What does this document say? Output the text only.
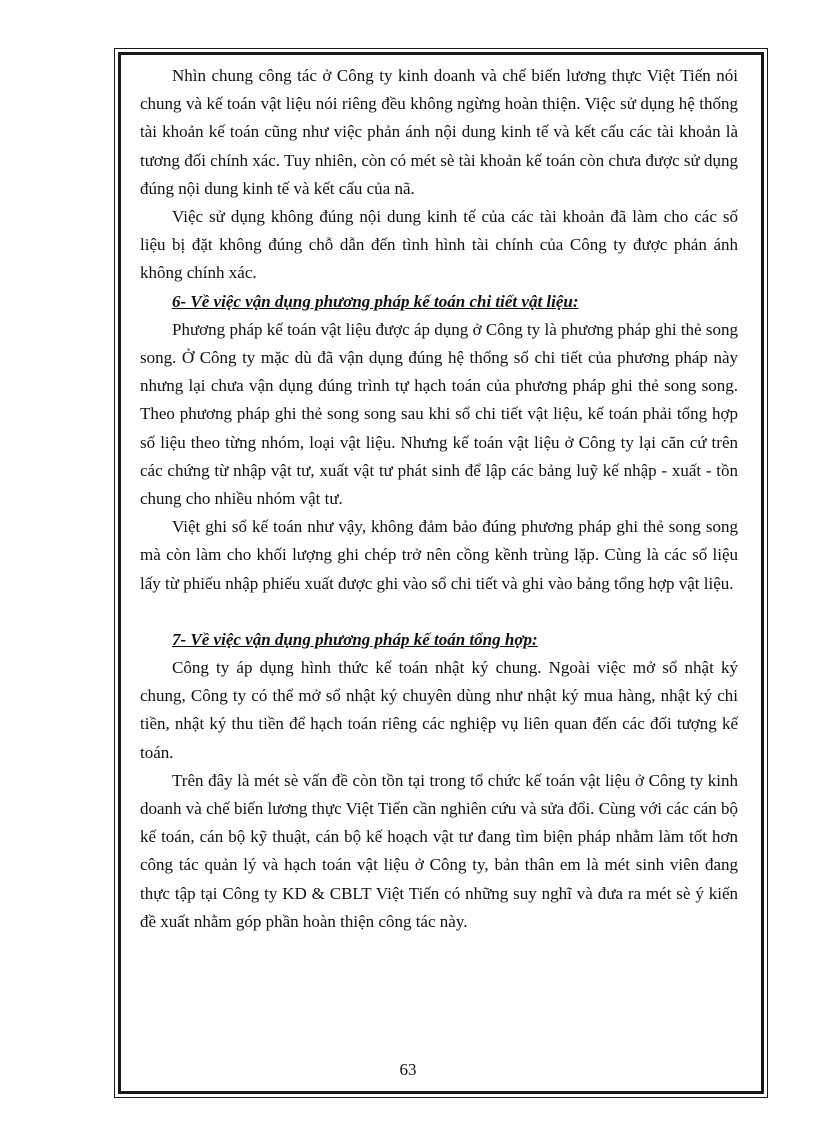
Nhìn chung công tác ở Công ty kinh doanh và chế biến lương thực Việt Tiến nói chung và kế toán vật liệu nói riêng đều không ngừng hoàn thiện. Việc sử dụng hệ thống tài khoản kế toán cũng như việc phản ánh nội dung kinh tế và kết cấu các tài khoản là tương đối chính xác. Tuy nhiên, còn có mét sè tài khoản kế toán còn chưa được sử dụng đúng nội dung kinh tế và kết cấu của nã.

Việc sử dụng không đúng nội dung kinh tế của các tài khoản đã làm cho các số liệu bị đặt không đúng chỗ dẫn đến tình hình tài chính của Công ty được phản ánh không chính xác.

6- Về việc vận dụng phương pháp kế toán chi tiết vật liệu:

Phương pháp kế toán vật liệu được áp dụng ở Công ty là phương pháp ghi thẻ song song. Ở Công ty mặc dù đã vận dụng đúng hệ thống sổ chi tiết của phương pháp này nhưng lại chưa vận dụng đúng trình tự hạch toán của phương pháp ghi thẻ song song. Theo phương pháp ghi thẻ song song sau khi sổ chi tiết vật liệu, kế toán phải tổng hợp số liệu theo từng nhóm, loại vật liệu. Nhưng kế toán vật liệu ở Công ty lại căn cứ trên các chứng từ nhập vật tư, xuất vật tư phát sinh để lập các bảng luỹ kế nhập - xuất - tồn chung cho nhiều nhóm vật tư.

Việt ghi sổ kế toán như vậy, không đảm bảo đúng phương pháp ghi thẻ song song mà còn làm cho khối lượng ghi chép trở nên cồng kềnh trùng lặp. Cùng là các số liệu lấy từ phiếu nhập phiếu xuất được ghi vào sổ chi tiết và ghi vào bảng tổng hợp vật liệu.

7- Về việc vận dụng phương pháp kế toán tổng hợp:

Công ty áp dụng hình thức kế toán nhật ký chung. Ngoài việc mở sổ nhật ký chung, Công ty có thể mở sổ nhật ký chuyên dùng như nhật ký mua hàng, nhật ký chi tiền, nhật ký thu tiền để hạch toán riêng các nghiệp vụ liên quan đến các đối tượng kế toán.

Trên đây là mét sè vấn đề còn tồn tại trong tổ chức kế toán vật liệu ở Công ty kinh doanh và chế biến lương thực Việt Tiến cần nghiên cứu và sửa đổi. Cùng với các cán bộ kế toán, cán bộ kỹ thuật, cán bộ kế hoạch vật tư đang tìm biện pháp nhằm làm tốt hơn công tác quản lý và hạch toán vật liệu ở Công ty, bản thân em là mét sinh viên đang thực tập tại Công ty KD & CBLT Việt Tiến có những suy nghĩ và đưa ra mét sè ý kiến đề xuất nhằm góp phần hoàn thiện công tác này.

63
